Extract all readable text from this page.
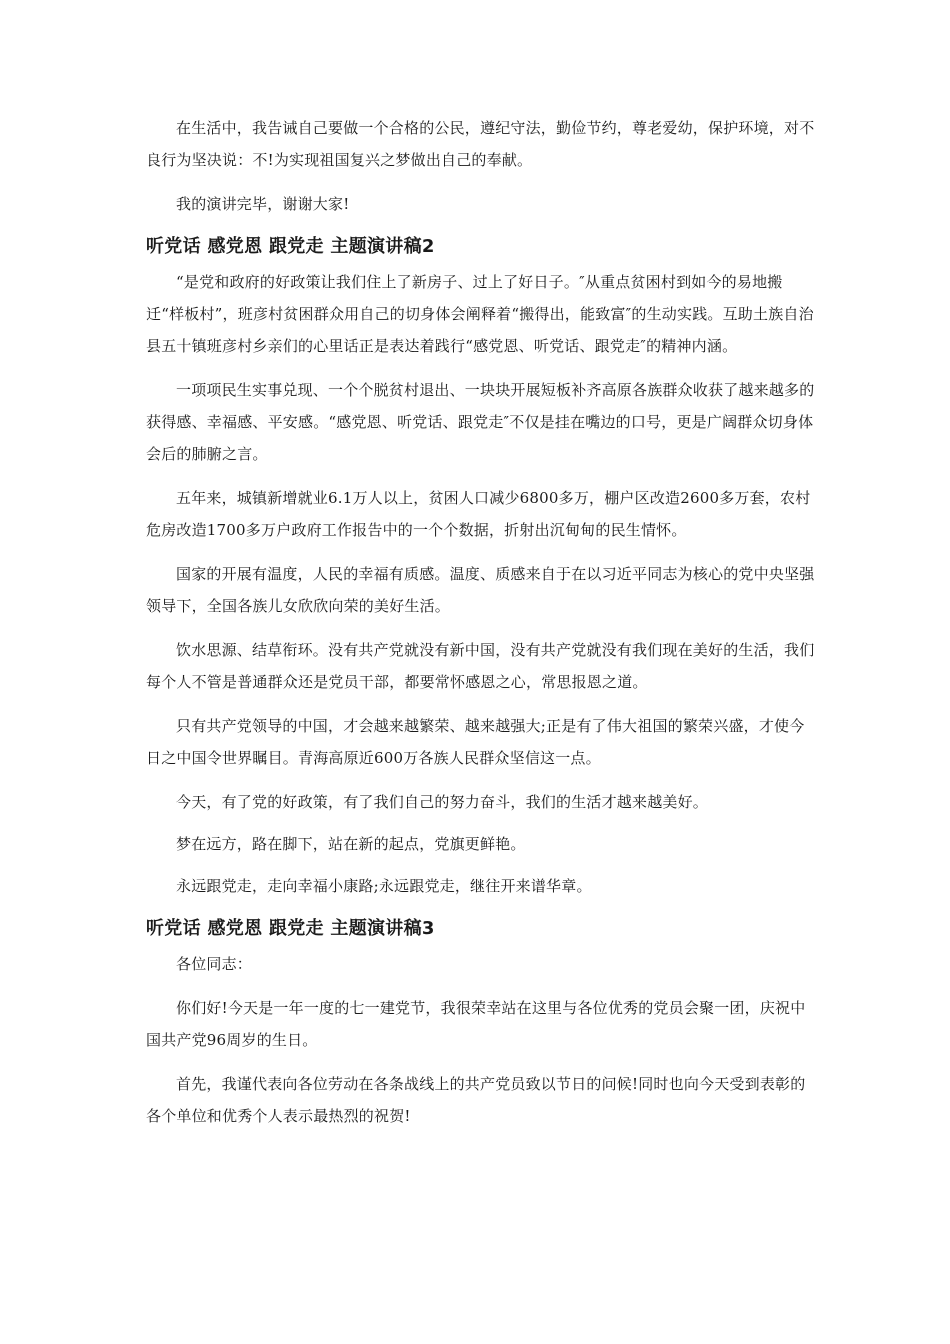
在生活中，我告诫自己要做一个合格的公民，遵纪守法，勤俭节约，尊老爱幼，保护环境，对不良行为坚决说：不!为实现祖国复兴之梦做出自己的奉献。

我的演讲完毕，谢谢大家!

听党话 感党恩 跟党走 主题演讲稿2

“是党和政府的好政策让我们住上了新房子、过上了好日子。″从重点贫困村到如今的易地搬迁“样板村”，班彦村贫困群众用自己的切身体会阐释着“搬得出，能致富″的生动实践。互助土族自治县五十镇班彦村乡亲们的心里话正是表达着践行“感党恩、听党话、跟党走″的精神内涵。

一项项民生实事兑现、一个个脱贫村退出、一块块开展短板补齐高原各族群众收获了越来越多的获得感、幸福感、平安感。“感党恩、听党话、跟党走″不仅是挂在嘴边的口号，更是广阔群众切身体会后的肺腑之言。

五年来，城镇新增就业6.1万人以上，贫困人口减少6800多万，棚户区改造2600多万套，农村危房改造1700多万户政府工作报告中的一个个数据，折射出沉甸甸的民生情怀。

国家的开展有温度，人民的幸福有质感。温度、质感来自于在以习近平同志为核心的党中央坚强领导下，全国各族儿女欣欣向荣的美好生活。

饮水思源、结草衔环。没有共产党就没有新中国，没有共产党就没有我们现在美好的生活，我们每个人不管是普通群众还是党员干部，都要常怀感恩之心，常思报恩之道。

只有共产党领导的中国，才会越来越繁荣、越来越强大;正是有了伟大祖国的繁荣兴盛，才使今日之中国令世界瞩目。青海高原近600万各族人民群众坚信这一点。

今天，有了党的好政策，有了我们自己的努力奋斗，我们的生活才越来越美好。

梦在远方，路在脚下，站在新的起点，党旗更鲜艳。

永远跟党走，走向幸福小康路;永远跟党走，继往开来谱华章。

听党话 感党恩 跟党走 主题演讲稿3

各位同志：

你们好!今天是一年一度的七一建党节，我很荣幸站在这里与各位优秀的党员会聚一团，庆祝中国共产党96周岁的生日。

首先，我谨代表向各位劳动在各条战线上的共产党员致以节日的问候!同时也向今天受到表彰的各个单位和优秀个人表示最热烈的祝贺!
